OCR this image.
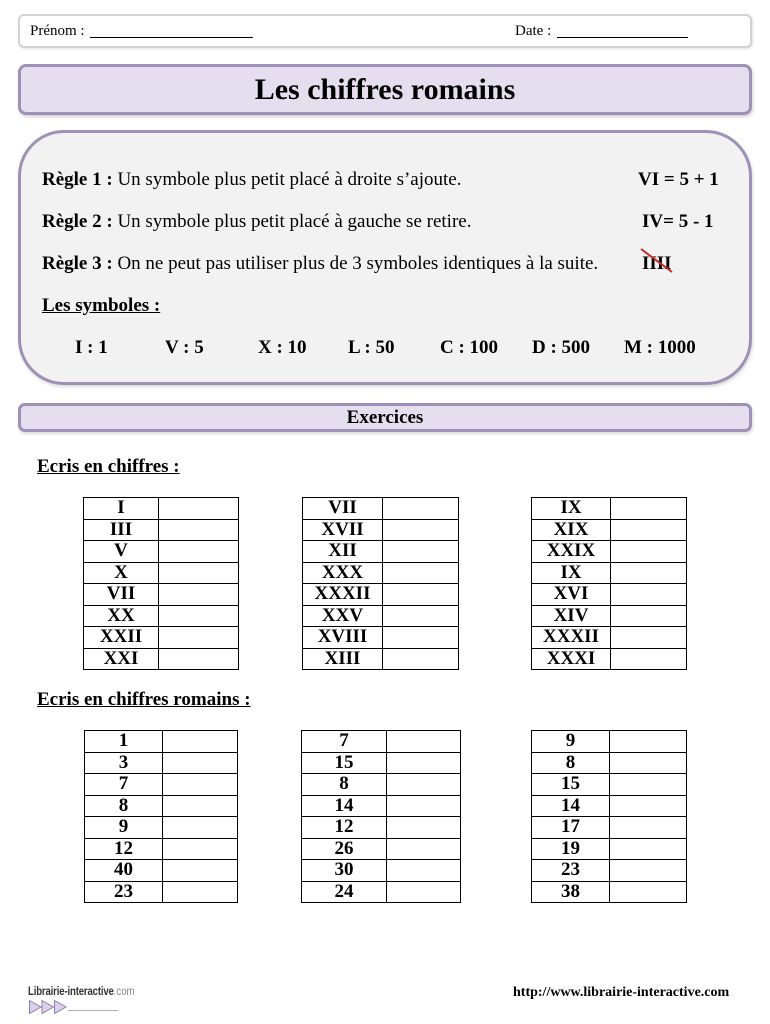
Prénom :	Date :
Les chiffres romains
Règle 1 : Un symbole plus petit placé à droite s’ajoute.	VI = 5 + 1
Règle 2 : Un symbole plus petit placé à gauche se retire.	IV= 5 - 1
Règle 3 : On ne peut pas utiliser plus de 3 symboles identiques à la suite. IIII
Les symboles :
I : 1	V : 5	X : 10 L : 50 C : 100 D : 500 M : 1000
Exercices
Ecris en chiffres :
I	
III	
V	
X	
VII	
XX	
XXII	
XXI	
VII	
XVII	
XII	
XXX	
XXXII	
XXV	
XVIII	
XIII	
IX	
XIX	
XXIX	
IX	
XVI	
XIV	
XXXII	
XXXI	
Ecris en chiffres romains :
1	
3	
7	
8	
9	
12	
40	
23	
7	
15	
8	
14	
12	
26	
30	
24	
9	
8	
15	
14	
17	
19	
23	
38	
Librairie-interactive.com	http://www.librairie-interactive.com
